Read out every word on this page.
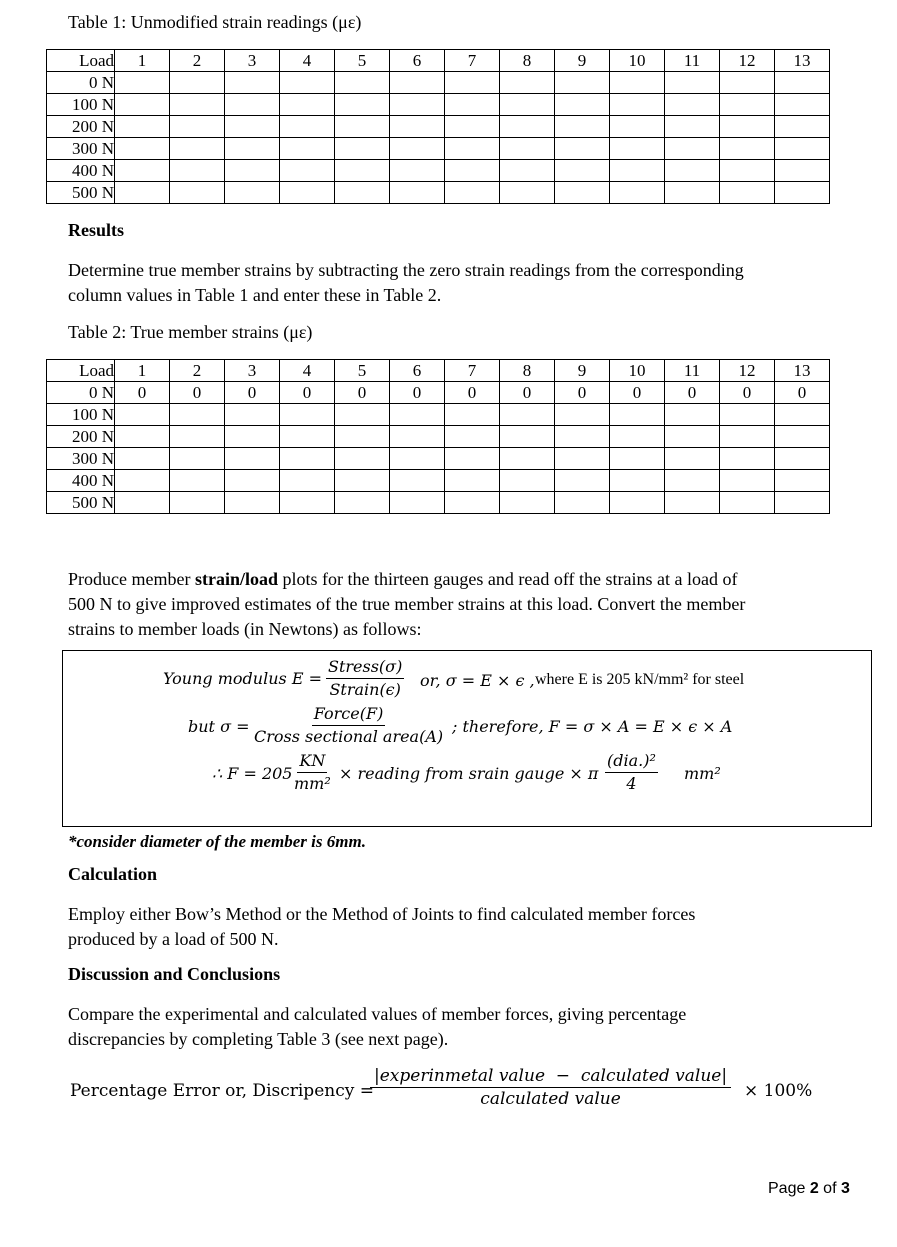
Table 1: Unmodified strain readings (με)
Load	1	2	3	4	5	6	7	8	9	10	11	12	13
0 N													
100 N													
200 N													
300 N													
400 N													
500 N													
Results
Determine true member strains by subtracting the zero strain readings from the corresponding
column values in Table 1 and enter these in Table 2.
Table 2: True member strains (με)
Load	1	2	3	4	5	6	7	8	9	10	11	12	13
0 N	0	0	0	0	0	0	0	0	0	0	0	0	0
100 N													
200 N													
300 N													
400 N													
500 N													
Produce member strain/load plots for the thirteen gauges and read off the strains at a load of
500 N to give improved estimates of the true member strains at this load. Convert the member
strains to member loads (in Newtons) as follows:
Young modulus E =
Stress(σ)
Strain(ϵ) or, σ = E × ϵ , where E is 205 kN/mm² for steel
but σ =
Force(F)
Cross sectional area(A)
; therefore, F = σ × A = E × ϵ × A
∴ $F = 205 \frac{KN}{\text{mm²}}$ × reading from srain gauge × π
(dia.)²
4
mm²
*consider diameter of the member is 6mm.
Calculation
Employ either Bow’s Method or the Method of Joints to find calculated member forces
produced by a load of 500 N.
Discussion and Conclusions
Compare the experimental and calculated values of member forces, giving percentage
discrepancies by completing Table 3 (see next page).
Percentage Error or, Discripency =
|experinmetal value  −  calculated value|
calculated value	× 100%
Page 2 of 3
